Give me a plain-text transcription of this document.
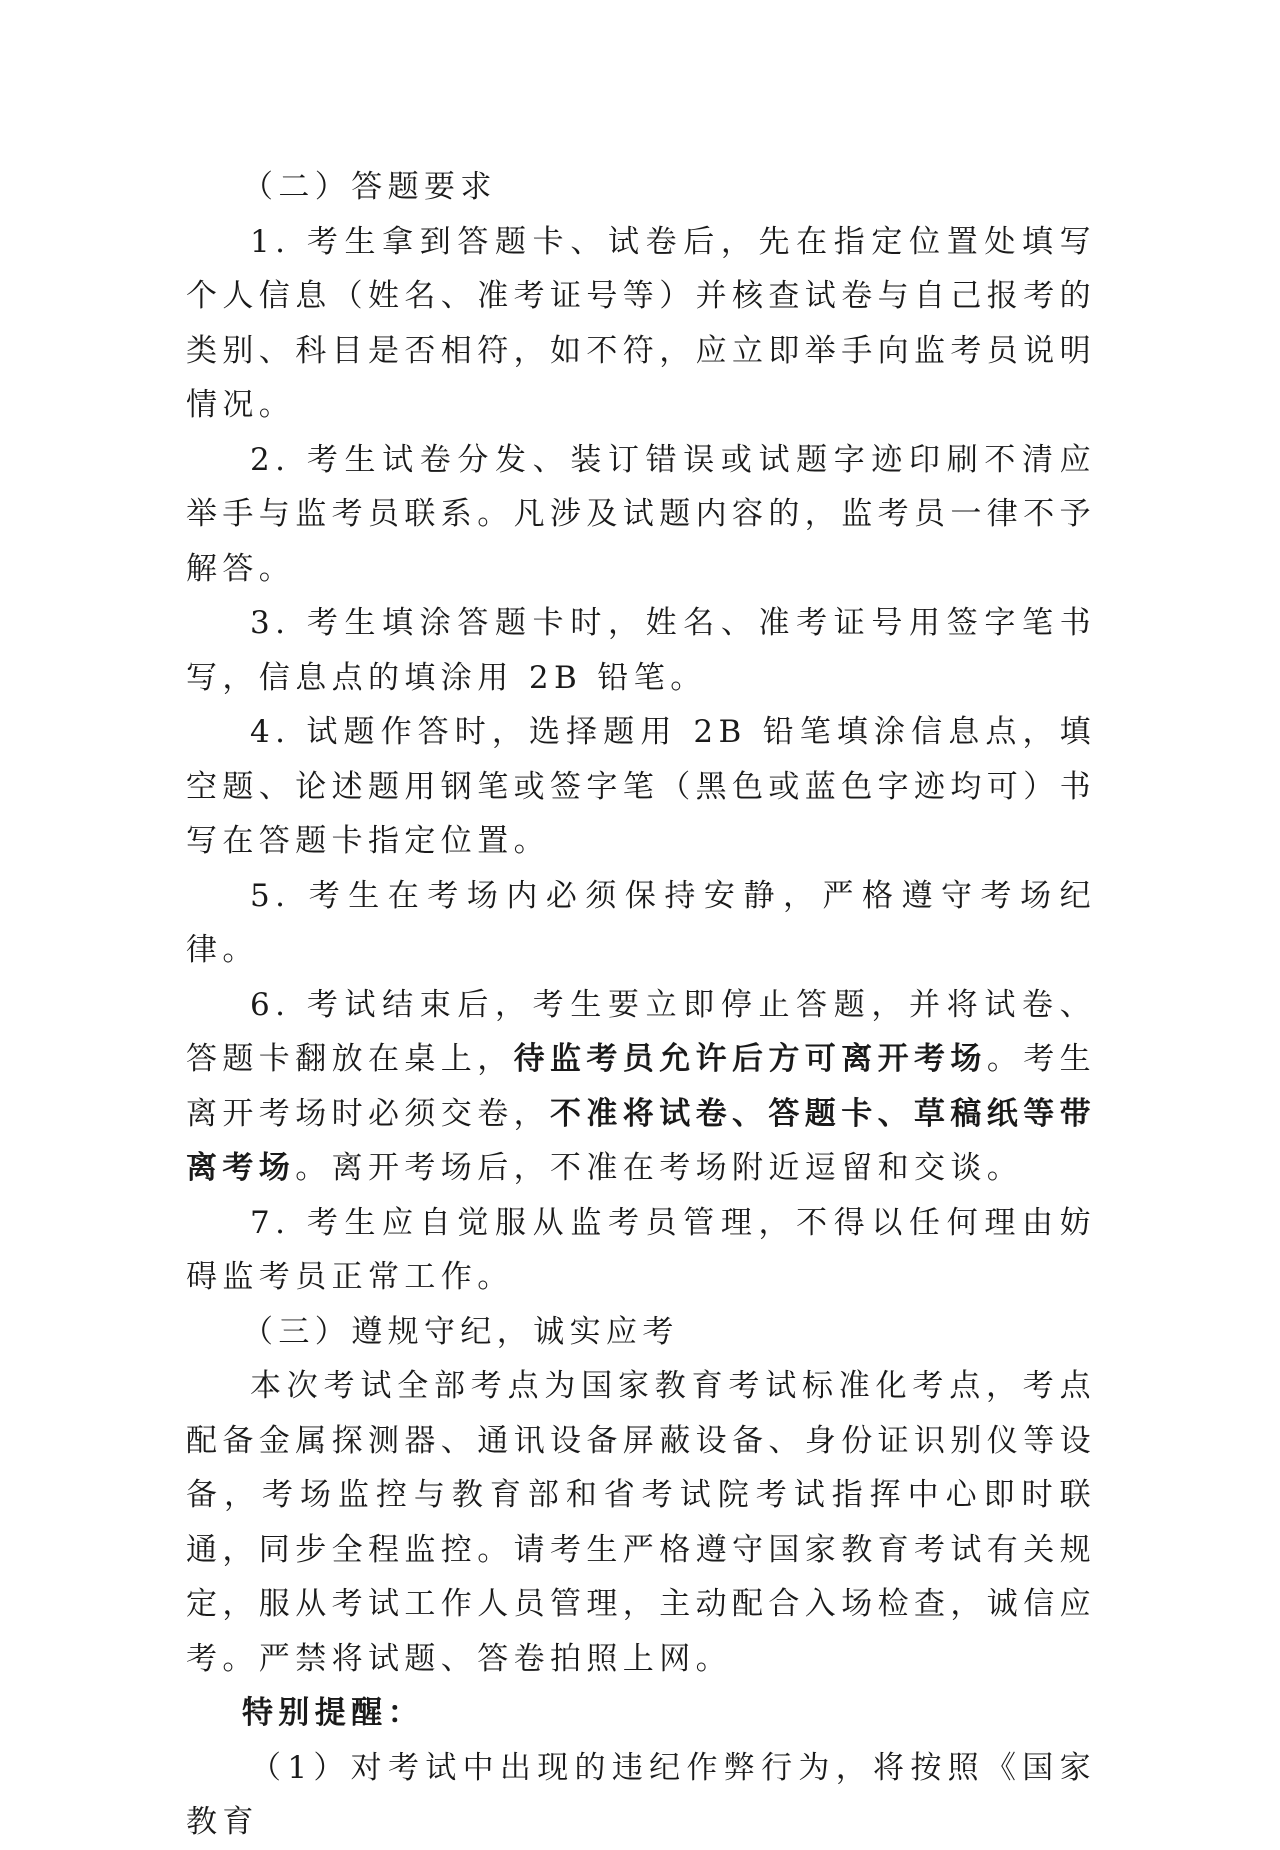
（二）答题要求

1. 考生拿到答题卡、试卷后，先在指定位置处填写个人信息（姓名、准考证号等）并核查试卷与自己报考的类别、科目是否相符，如不符，应立即举手向监考员说明情况。

2. 考生试卷分发、装订错误或试题字迹印刷不清应举手与监考员联系。凡涉及试题内容的，监考员一律不予解答。

3. 考生填涂答题卡时，姓名、准考证号用签字笔书写，信息点的填涂用 2B 铅笔。

4. 试题作答时，选择题用 2B 铅笔填涂信息点，填空题、论述题用钢笔或签字笔（黑色或蓝色字迹均可）书写在答题卡指定位置。

5. 考生在考场内必须保持安静，严格遵守考场纪律。

6. 考试结束后，考生要立即停止答题，并将试卷、答题卡翻放在桌上，待监考员允许后方可离开考场。考生离开考场时必须交卷，不准将试卷、答题卡、草稿纸等带离考场。离开考场后，不准在考场附近逗留和交谈。

7. 考生应自觉服从监考员管理，不得以任何理由妨碍监考员正常工作。

（三）遵规守纪，诚实应考

本次考试全部考点为国家教育考试标准化考点，考点配备金属探测器、通讯设备屏蔽设备、身份证识别仪等设备，考场监控与教育部和省考试院考试指挥中心即时联通，同步全程监控。请考生严格遵守国家教育考试有关规定，服从考试工作人员管理，主动配合入场检查，诚信应考。严禁将试题、答卷拍照上网。

特别提醒：

（1）对考试中出现的违纪作弊行为，将按照《国家教育
